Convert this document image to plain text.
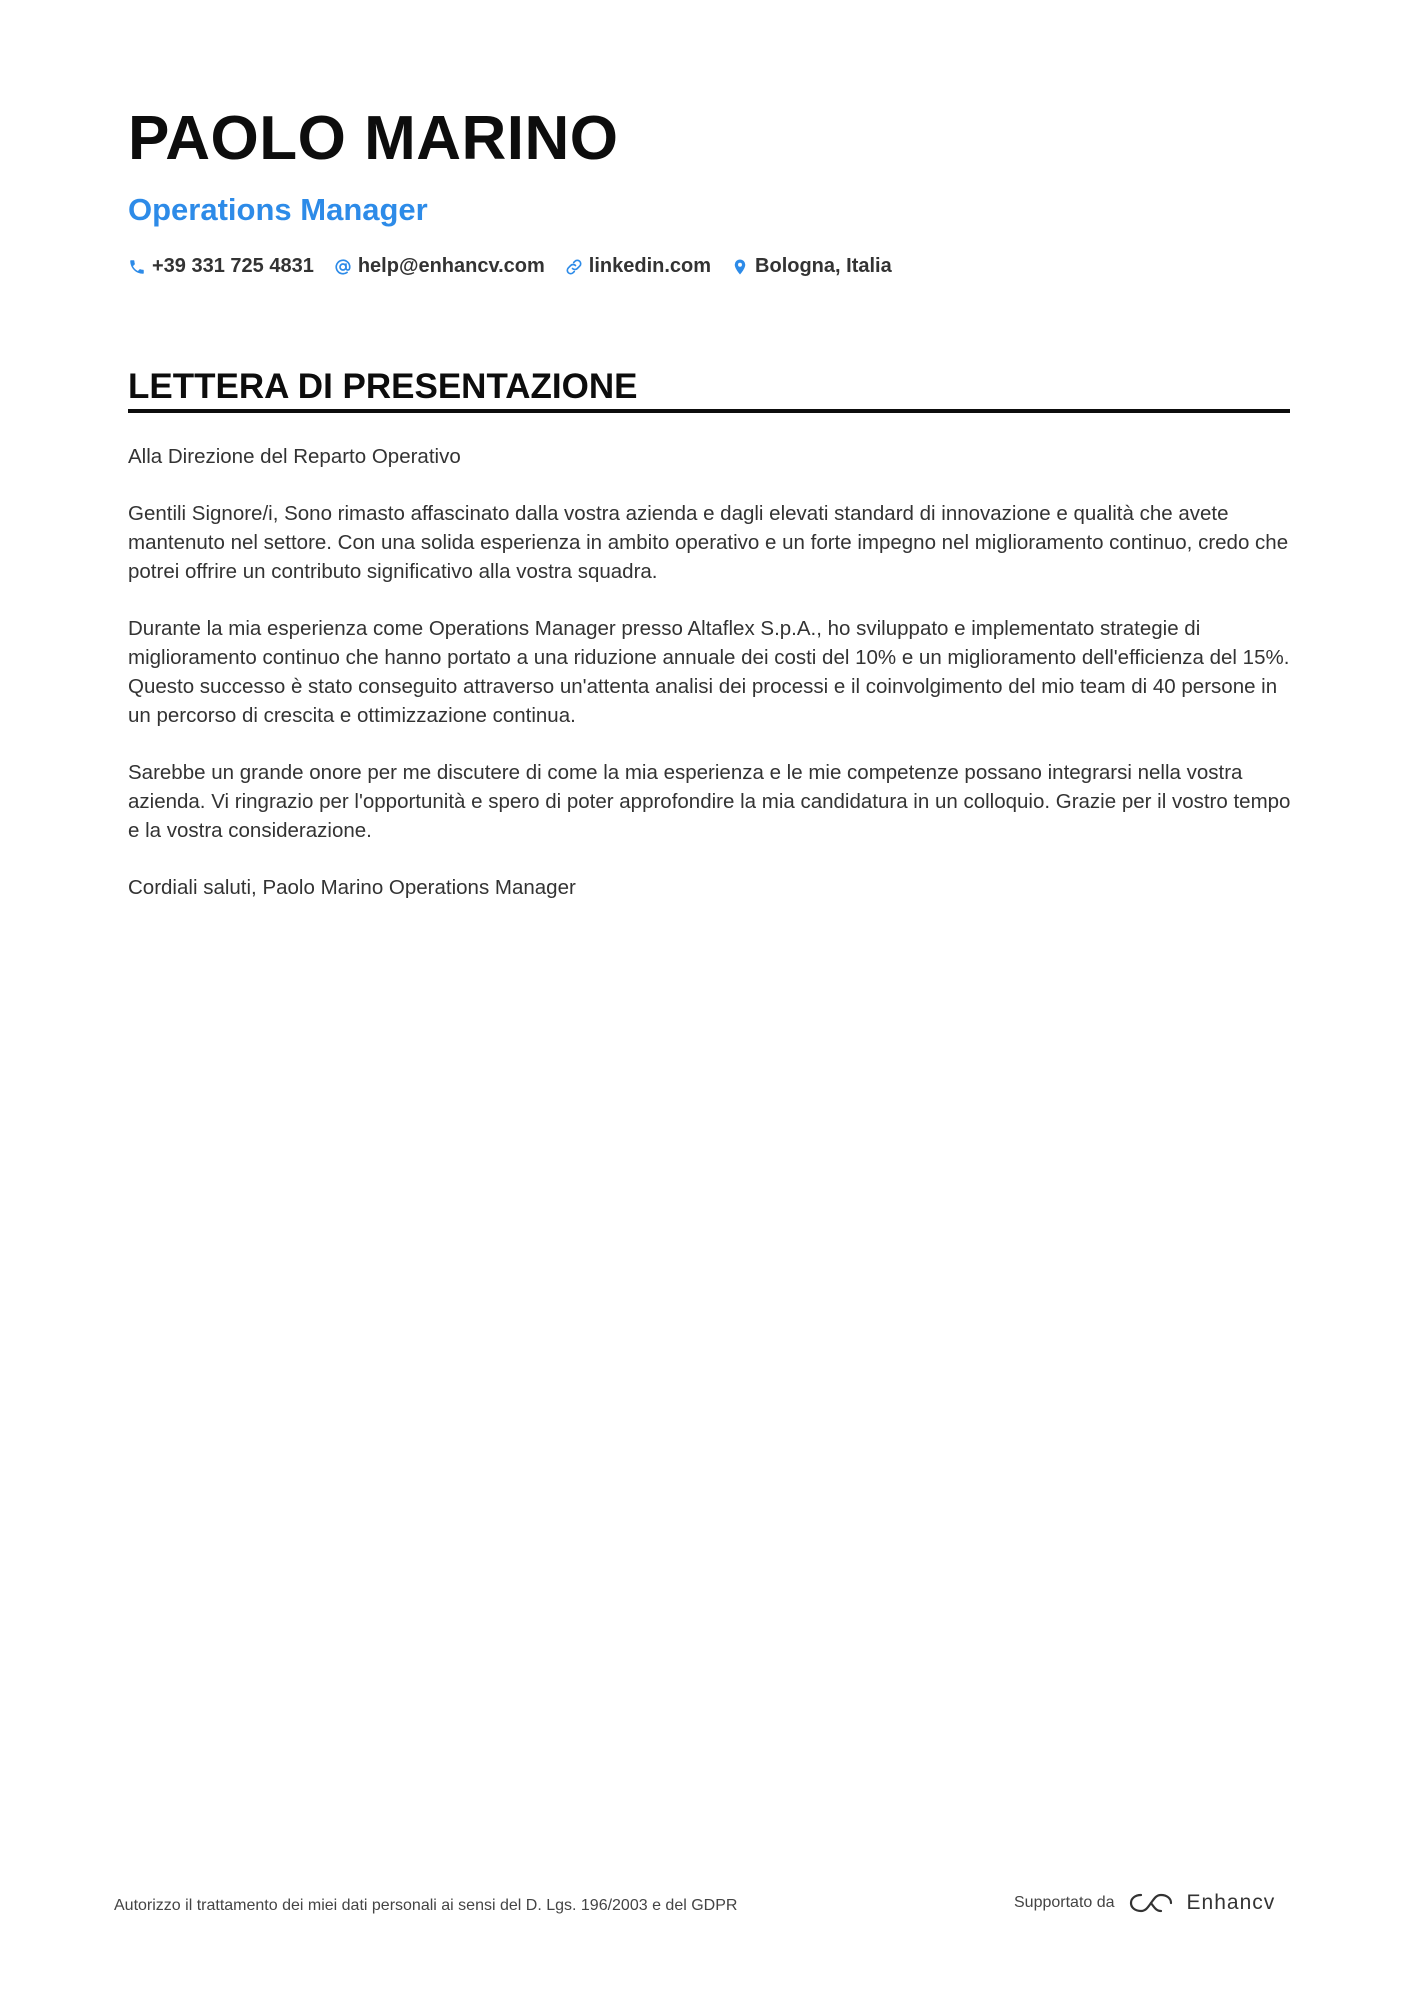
PAOLO MARINO
Operations Manager
+39 331 725 4831 help@enhancv.com linkedin.com Bologna, Italia
LETTERA DI PRESENTAZIONE

Alla Direzione del Reparto Operativo

Gentili Signore/i, Sono rimasto affascinato dalla vostra azienda e dagli elevati standard di innovazione e qualità che avete mantenuto nel settore. Con una solida esperienza in ambito operativo e un forte impegno nel miglioramento continuo, credo che potrei offrire un contributo significativo alla vostra squadra.

Durante la mia esperienza come Operations Manager presso Altaflex S.p.A., ho sviluppato e implementato strategie di miglioramento continuo che hanno portato a una riduzione annuale dei costi del 10% e un miglioramento dell'efficienza del 15%. Questo successo è stato conseguito attraverso un'attenta analisi dei processi e il coinvolgimento del mio team di 40 persone in un percorso di crescita e ottimizzazione continua.

Sarebbe un grande onore per me discutere di come la mia esperienza e le mie competenze possano integrarsi nella vostra azienda. Vi ringrazio per l'opportunità e spero di poter approfondire la mia candidatura in un colloquio. Grazie per il vostro tempo e la vostra considerazione.

Cordiali saluti, Paolo Marino Operations Manager

Autorizzo il trattamento dei miei dati personali ai sensi del D. Lgs. 196/2003 e del GDPR	Supportato da	Enhancv
